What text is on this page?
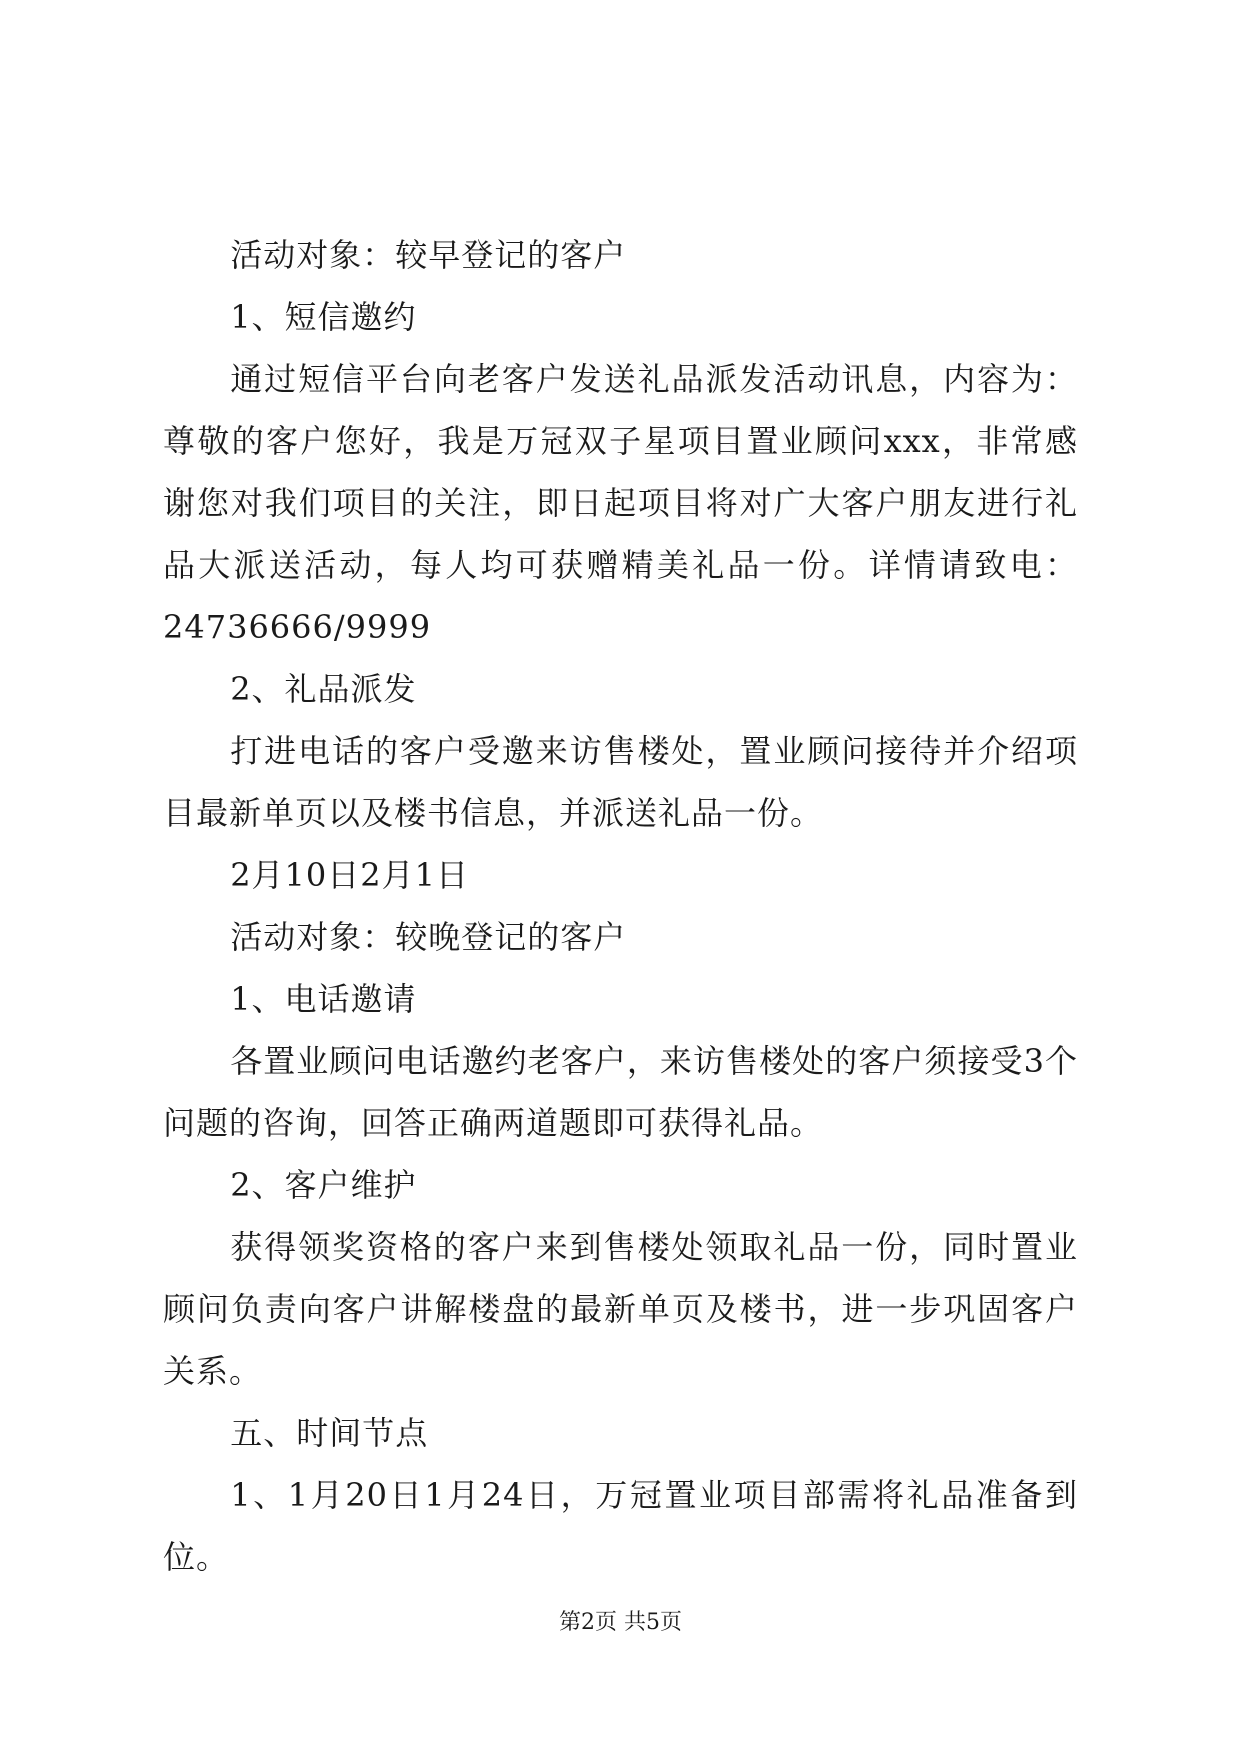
活动对象：较早登记的客户

1、短信邀约

通过短信平台向老客户发送礼品派发活动讯息，内容为：尊敬的客户您好，我是万冠双子星项目置业顾问xxx，非常感谢您对我们项目的关注，即日起项目将对广大客户朋友进行礼品大派送活动，每人均可获赠精美礼品一份。详情请致电：24736666/9999

2、礼品派发

打进电话的客户受邀来访售楼处，置业顾问接待并介绍项目最新单页以及楼书信息，并派送礼品一份。

2月10日2月1日

活动对象：较晚登记的客户

1、电话邀请

各置业顾问电话邀约老客户，来访售楼处的客户须接受3个问题的咨询，回答正确两道题即可获得礼品。

2、客户维护

获得领奖资格的客户来到售楼处领取礼品一份，同时置业顾问负责向客户讲解楼盘的最新单页及楼书，进一步巩固客户关系。

五、时间节点

1、1月20日1月24日，万冠置业项目部需将礼品准备到位。

第2页 共5页
